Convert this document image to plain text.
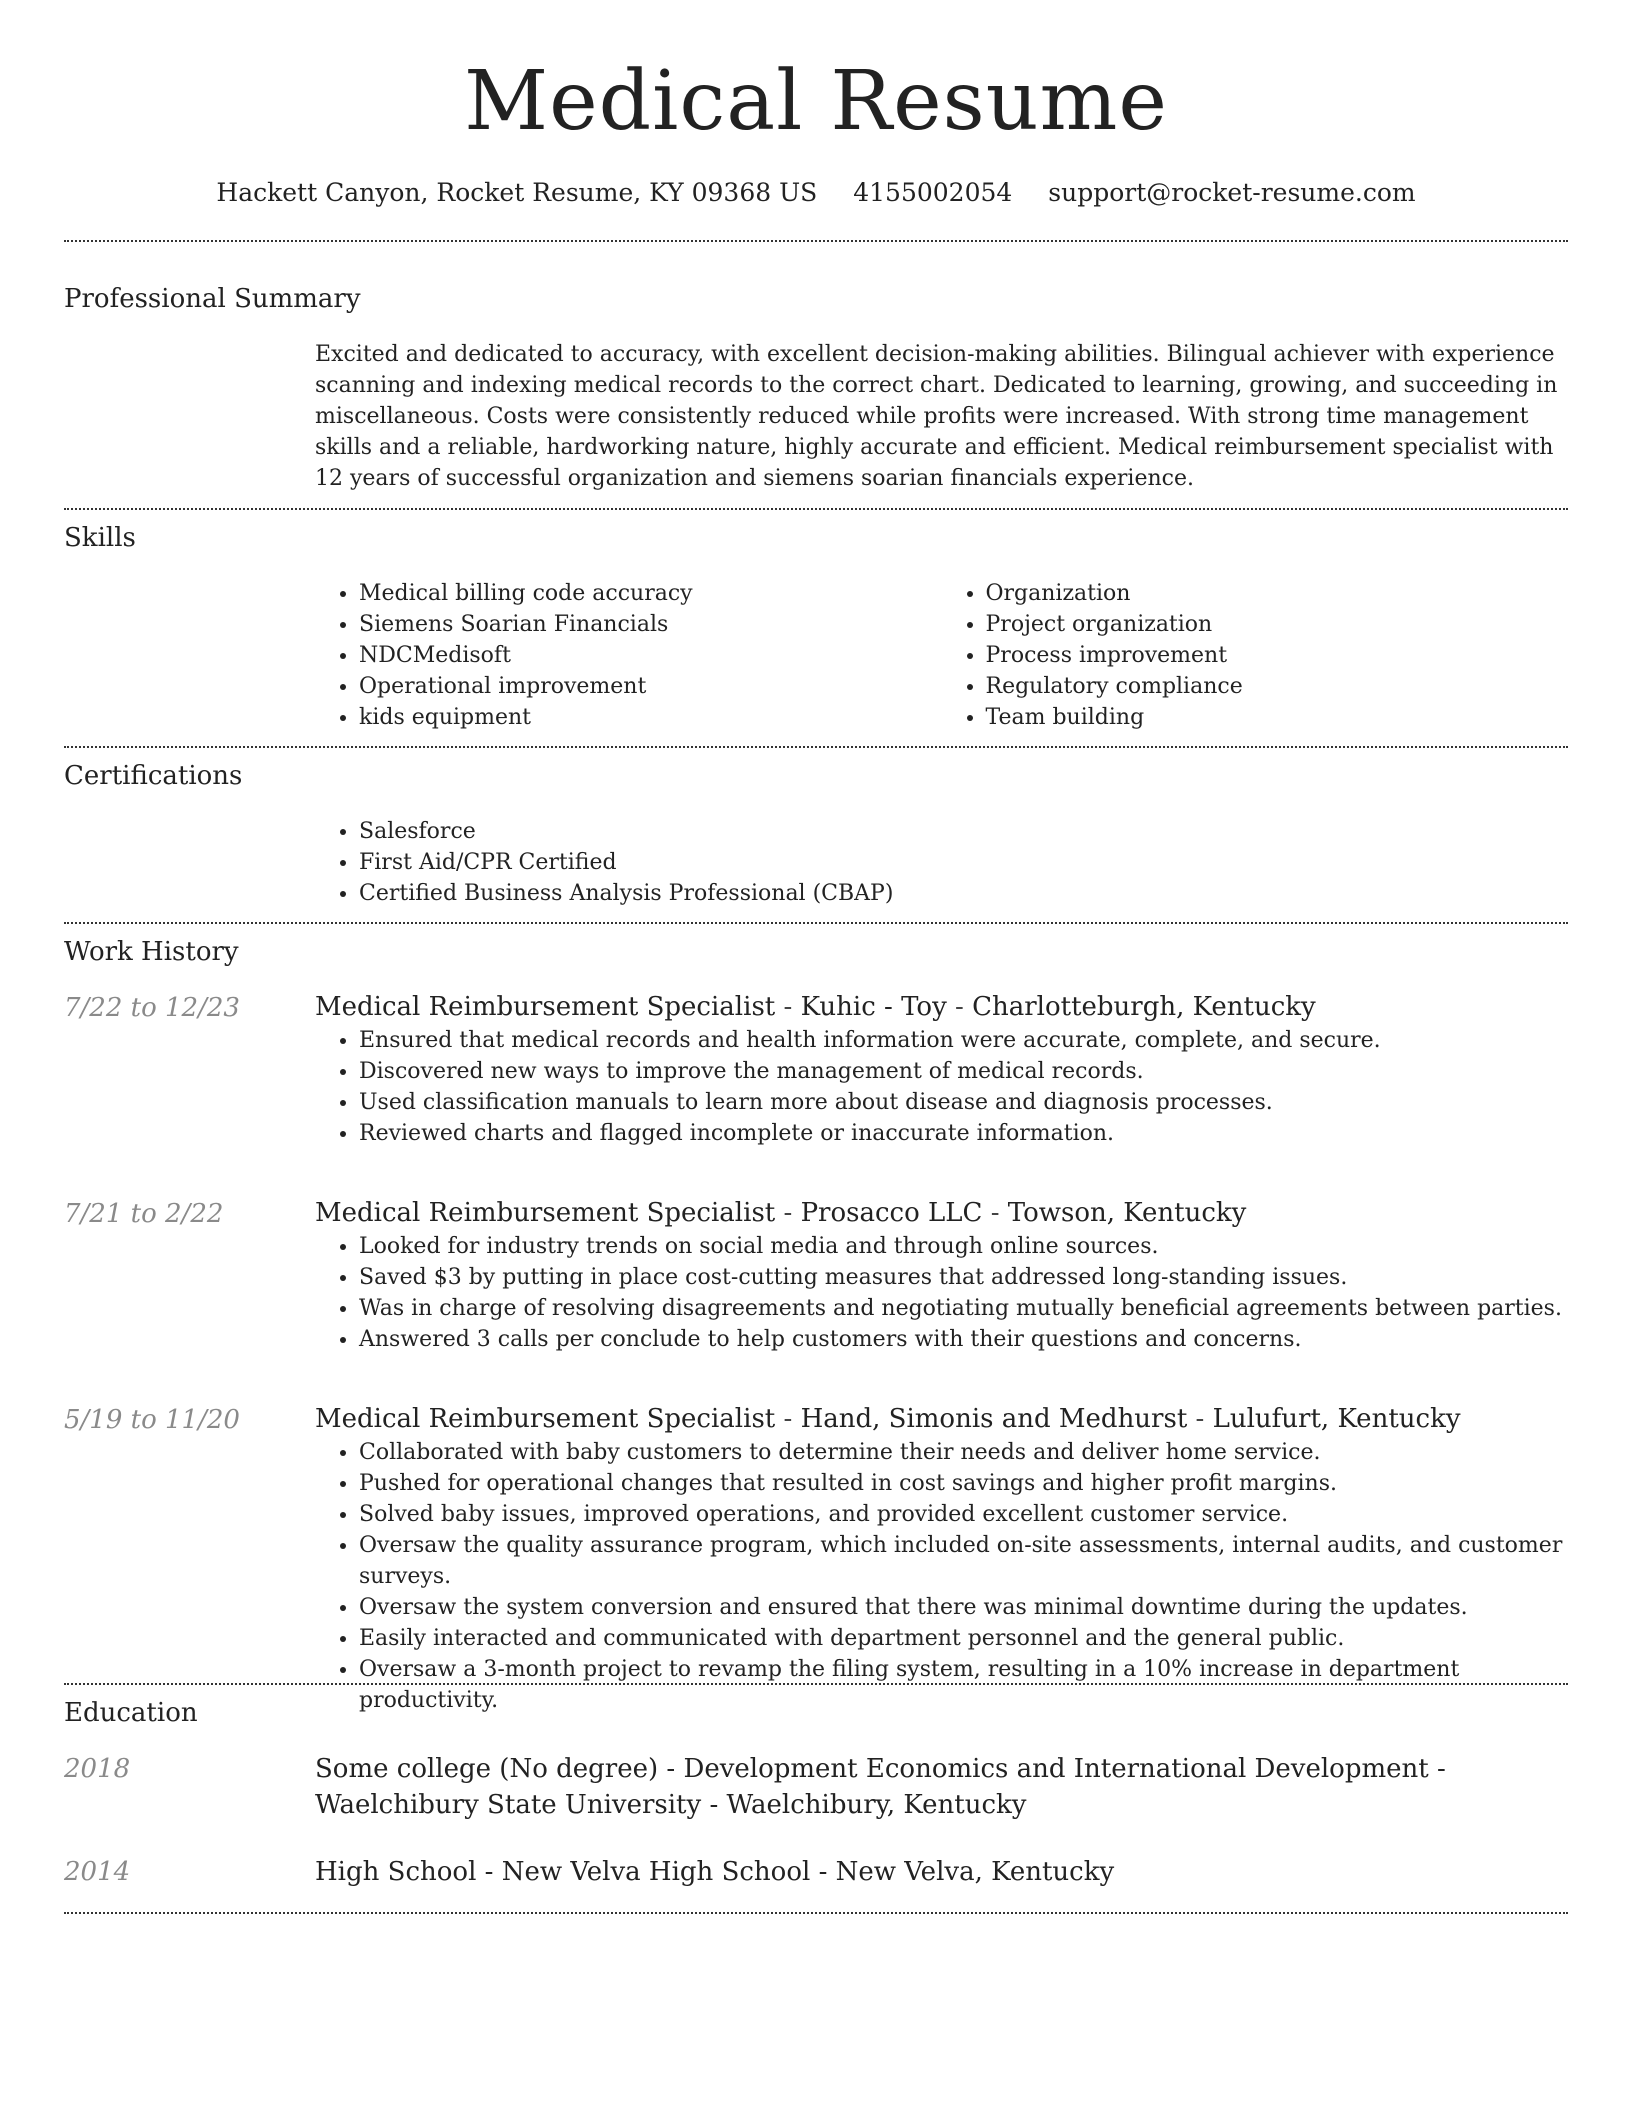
Medical Resume
Hackett Canyon, Rocket Resume, KY 09368 US 4155002054 support@rocket-resume.com
Professional Summary
Excited and dedicated to accuracy, with excellent decision-making abilities. Bilingual achiever with experience scanning and indexing medical records to the correct chart. Dedicated to learning, growing, and succeeding in miscellaneous. Costs were consistently reduced while profits were increased. With strong time management skills and a reliable, hardworking nature, highly accurate and efficient. Medical reimbursement specialist with 12 years of successful organization and siemens soarian financials experience.
Skills
• Medical billing code accuracy
• Siemens Soarian Financials
• NDCMedisoft
• Operational improvement
• kids equipment
• Organization
• Project organization
• Process improvement
• Regulatory compliance
• Team building
Certifications
• Salesforce
• First Aid/CPR Certified
• Certified Business Analysis Professional (CBAP)
Work History
7/22 to 12/23	Medical Reimbursement Specialist - Kuhic - Toy - Charlotteburgh, Kentucky
• Ensured that medical records and health information were accurate, complete, and secure.
• Discovered new ways to improve the management of medical records.
• Used classification manuals to learn more about disease and diagnosis processes.
• Reviewed charts and flagged incomplete or inaccurate information.
7/21 to 2/22	Medical Reimbursement Specialist - Prosacco LLC - Towson, Kentucky
• Looked for industry trends on social media and through online sources.
• Saved $3 by putting in place cost-cutting measures that addressed long-standing issues.
• Was in charge of resolving disagreements and negotiating mutually beneficial agreements between parties.
• Answered 3 calls per conclude to help customers with their questions and concerns.
5/19 to 11/20	Medical Reimbursement Specialist - Hand, Simonis and Medhurst - Lulufurt, Kentucky
• Collaborated with baby customers to determine their needs and deliver home service.
• Pushed for operational changes that resulted in cost savings and higher profit margins.
• Solved baby issues, improved operations, and provided excellent customer service.
• Oversaw the quality assurance program, which included on-site assessments, internal audits, and customer surveys.
• Oversaw the system conversion and ensured that there was minimal downtime during the updates.
• Easily interacted and communicated with department personnel and the general public.
• Oversaw a 3-month project to revamp the filing system, resulting in a 10% increase in department productivity.
Education
2018	Some college (No degree) - Development Economics and International Development - Waelchibury State University - Waelchibury, Kentucky
2014	High School - New Velva High School - New Velva, Kentucky
